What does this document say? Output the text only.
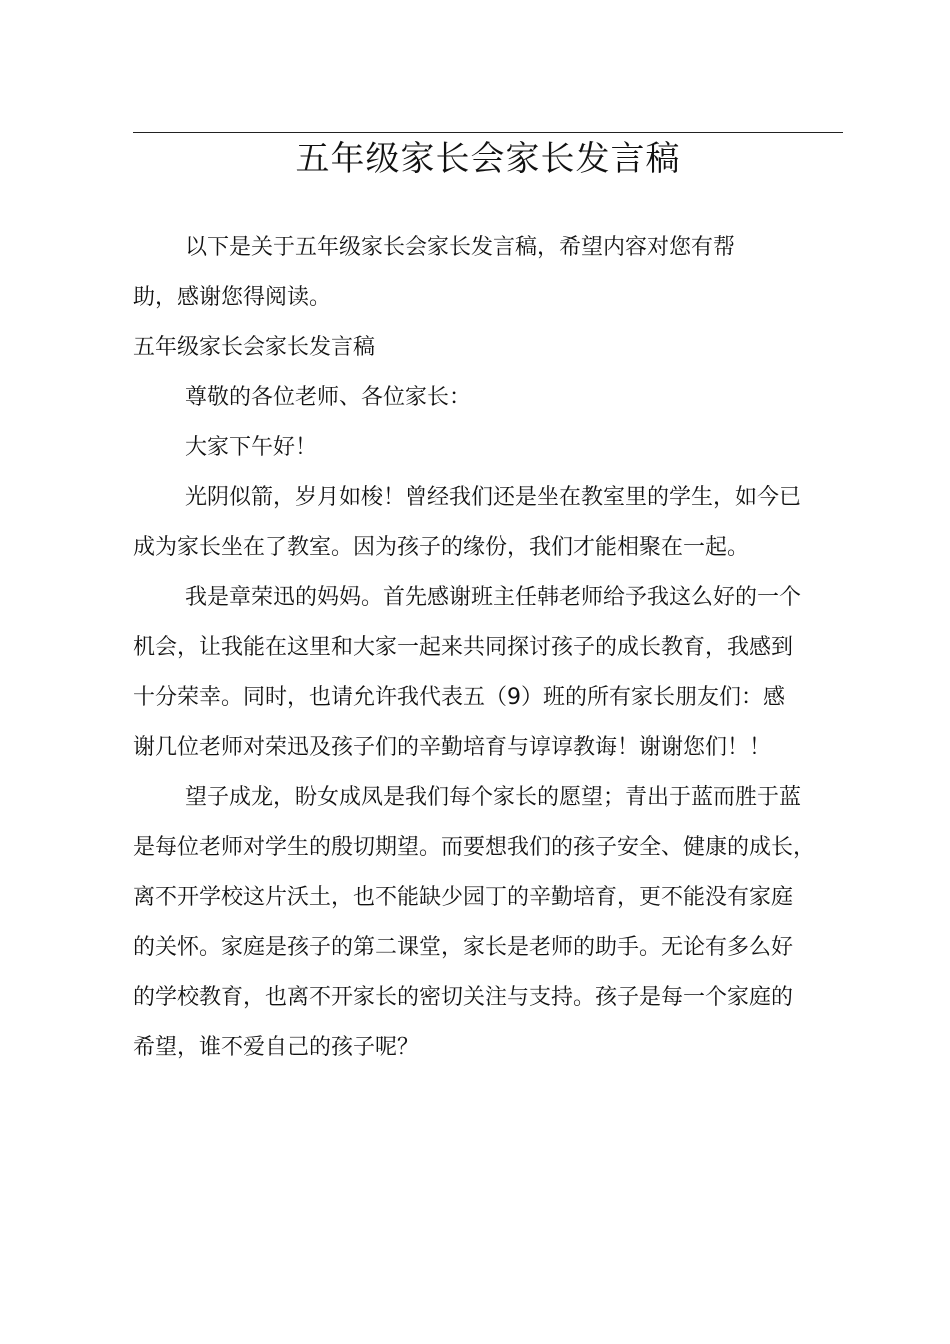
五年级家长会家长发言稿
以下是关于五年级家长会家长发言稿，希望内容对您有帮
助，感谢您得阅读。
五年级家长会家长发言稿
尊敬的各位老师、各位家长：
大家下午好！
光阴似箭，岁月如梭！曾经我们还是坐在教室里的学生，如今已
成为家长坐在了教室。因为孩子的缘份，我们才能相聚在一起。
我是章荣迅的妈妈。首先感谢班主任韩老师给予我这么好的一个
机会，让我能在这里和大家一起来共同探讨孩子的成长教育，我感到
十分荣幸。同时，也请允许我代表五（9）班的所有家长朋友们：感
谢几位老师对荣迅及孩子们的辛勤培育与谆谆教诲！谢谢您们！！
望子成龙，盼女成凤是我们每个家长的愿望；青出于蓝而胜于蓝
是每位老师对学生的殷切期望。而要想我们的孩子安全、健康的成长，
离不开学校这片沃土，也不能缺少园丁的辛勤培育，更不能没有家庭
的关怀。家庭是孩子的第二课堂，家长是老师的助手。无论有多么好
的学校教育，也离不开家长的密切关注与支持。孩子是每一个家庭的
希望，谁不爱自己的孩子呢？
